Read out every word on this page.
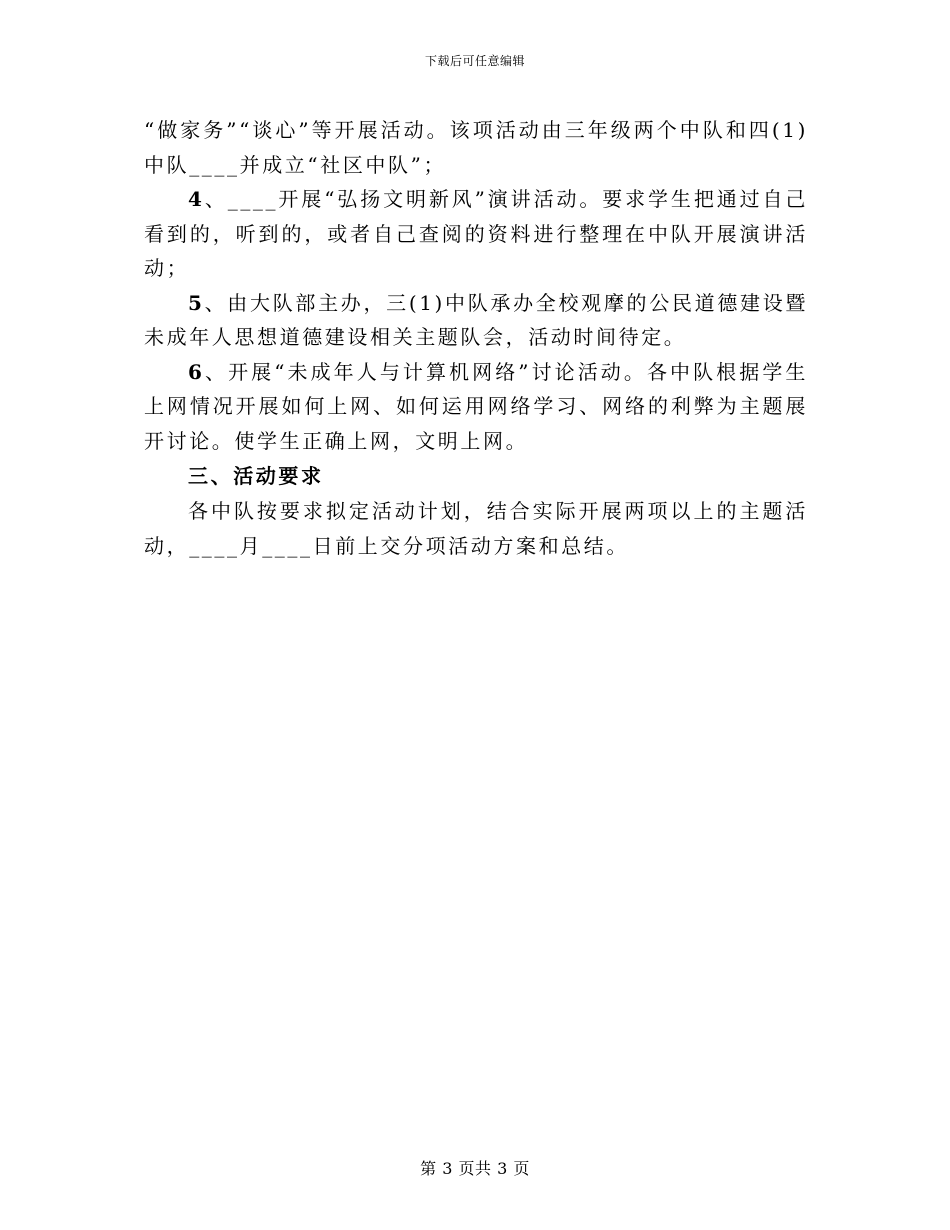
下载后可任意编辑

“做家务”“谈心”等开展活动。该项活动由三年级两个中队和四(1)中队____并成立“社区中队”；

4、____开展“弘扬文明新风”演讲活动。要求学生把通过自己看到的，听到的，或者自己查阅的资料进行整理在中队开展演讲活动；

5、由大队部主办，三(1)中队承办全校观摩的公民道德建设暨未成年人思想道德建设相关主题队会，活动时间待定。

6、开展“未成年人与计算机网络”讨论活动。各中队根据学生上网情况开展如何上网、如何运用网络学习、网络的利弊为主题展开讨论。使学生正确上网，文明上网。

三、活动要求

各中队按要求拟定活动计划，结合实际开展两项以上的主题活动，____月____日前上交分项活动方案和总结。

第 3 页共 3 页
